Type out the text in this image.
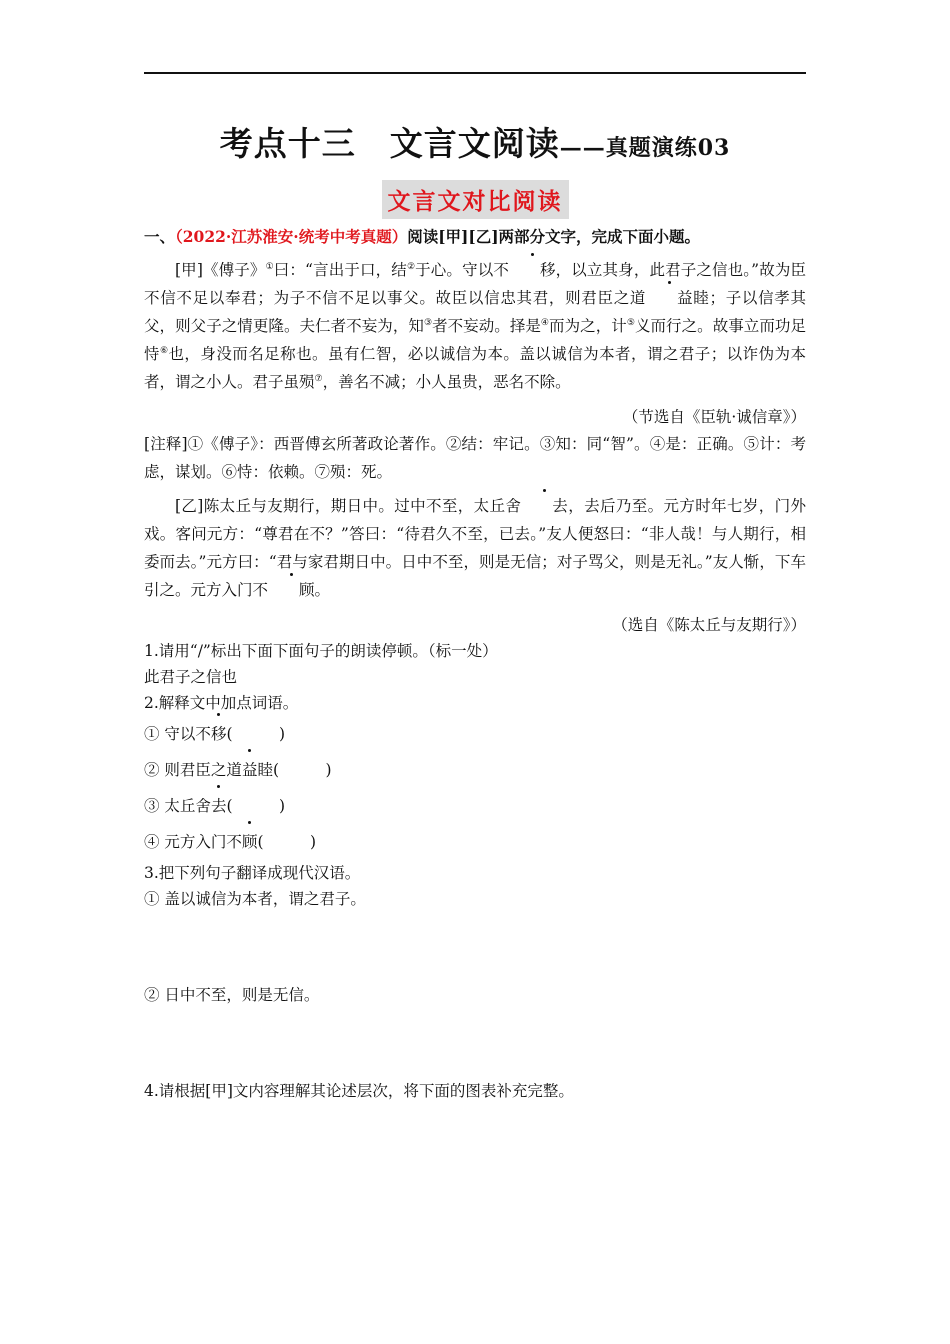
考点十三　文言文阅读——真题演练03
文言文对比阅读
一、（2022·江苏淮安·统考中考真题）阅读[甲][乙]两部分文字，完成下面小题。
[甲]《傅子》①曰：“言出于口，结②于心。守以不 移，以立其身，此君子之信也。”故为臣不信不足以奉君；为子不信不足以事父。故臣以信忠其君，则君臣之道 益睦；子以信孝其父，则父子之情更隆。夫仁者不妄为，知③者不妄动。择是④而为之，计⑤义而行之。故事立而功足恃⑥也，身没而名足称也。虽有仁智，必以诚信为本。盖以诚信为本者，谓之君子；以诈伪为本者，谓之小人。君子虽殒⑦，善名不减；小人虽贵，恶名不除。
（节选自《臣轨·诚信章》）
[注释]①《傅子》：西晋傅玄所著政论著作。②结：牢记。③知：同“智”。④是：正确。⑤计：考虑，谋划。⑥恃：依赖。⑦殒：死。
[乙]陈太丘与友期行，期日中。过中不至，太丘舍 去，去后乃至。元方时年七岁，门外戏。客问元方：“尊君在不？”答曰：“待君久不至，已去。”友人便怒曰：“非人哉！与人期行，相委而去。”元方曰：“君与家君期日中。日中不至，则是无信；对子骂父，则是无礼。”友人惭，下车引之。元方入门不 顾。
（选自《陈太丘与友期行》）
1.请用“/”标出下面下面句子的朗读停顿。（标一处）
此君子之信也
2.解释文中加点词语。
① 守以不移(　　　)
② 则君臣之道益睦(　　　)
③ 太丘舍去(　　　)
④ 元方入门不顾(　　　)
3.把下列句子翻译成现代汉语。
① 盖以诚信为本者，谓之君子。
② 日中不至，则是无信。
4.请根据[甲]文内容理解其论述层次，将下面的图表补充完整。
